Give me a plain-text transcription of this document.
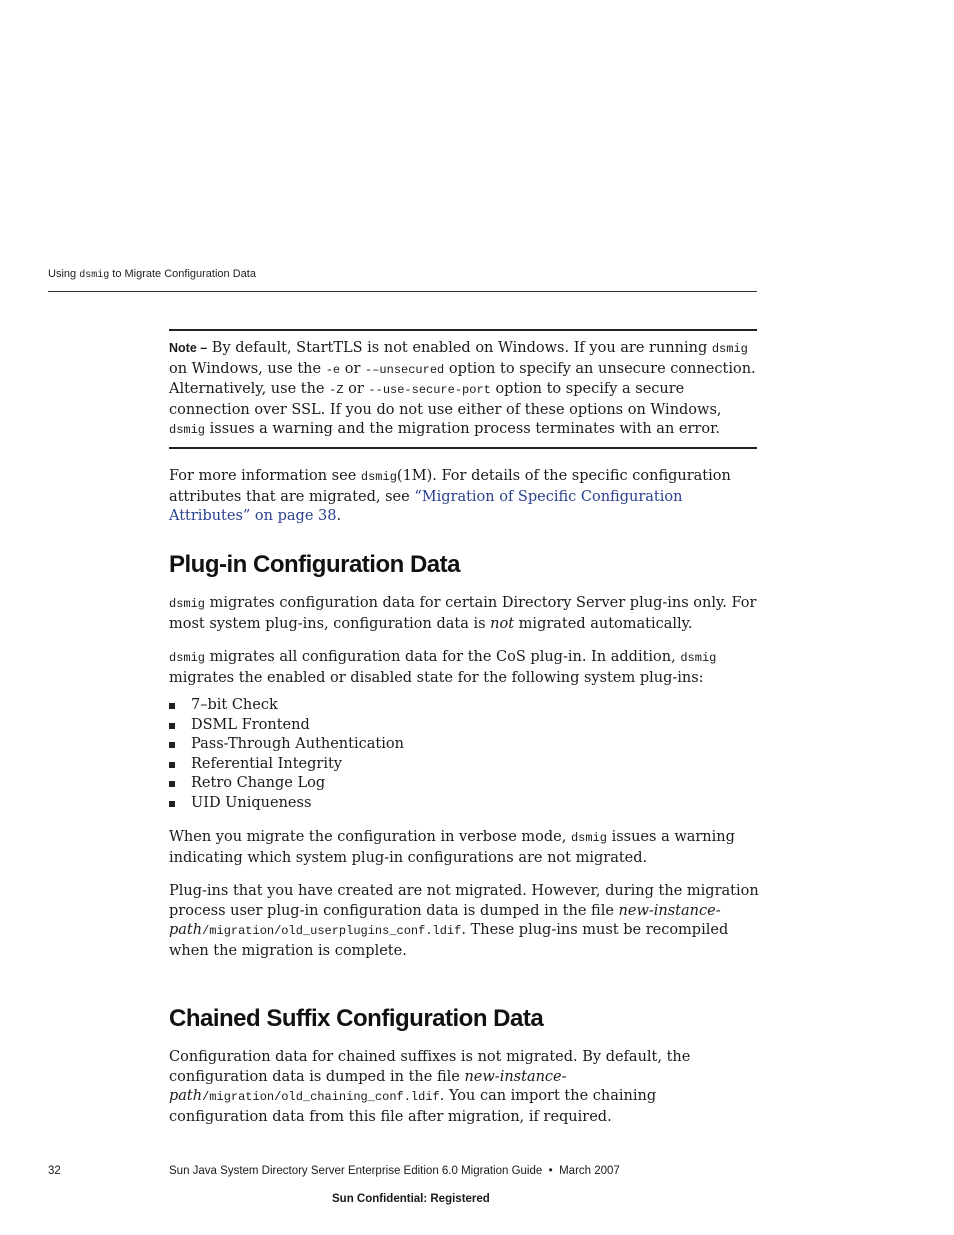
Using dsmig to Migrate Configuration Data

Note – By default, StartTLS is not enabled on Windows. If you are running dsmig on Windows, use the -e or -–unsecured option to specify an unsecure connection. Alternatively, use the -Z or --use-secure-port option to specify a secure connection over SSL. If you do not use either of these options on Windows, dsmig issues a warning and the migration process terminates with an error.

For more information see dsmig(1M). For details of the specific configuration attributes that are migrated, see “Migration of Specific Configuration Attributes” on page 38.

Plug-in Configuration Data

dsmig migrates configuration data for certain Directory Server plug-ins only. For most system plug-ins, configuration data is not migrated automatically.

dsmig migrates all configuration data for the CoS plug-in. In addition, dsmig migrates the enabled or disabled state for the following system plug-ins:

7–bit Check
DSML Frontend
Pass-Through Authentication
Referential Integrity
Retro Change Log
UID Uniqueness

When you migrate the configuration in verbose mode, dsmig issues a warning indicating which system plug-in configurations are not migrated.

Plug-ins that you have created are not migrated. However, during the migration process user plug-in configuration data is dumped in the file new-instance-path/migration/old_userplugins_conf.ldif. These plug-ins must be recompiled when the migration is complete.

Chained Suffix Configuration Data

Configuration data for chained suffixes is not migrated. By default, the configuration data is dumped in the file new-instance-path/migration/old_chaining_conf.ldif. You can import the chaining configuration data from this file after migration, if required.

32	Sun Java System Directory Server Enterprise Edition 6.0 Migration Guide • March 2007
Sun Confidential: Registered
